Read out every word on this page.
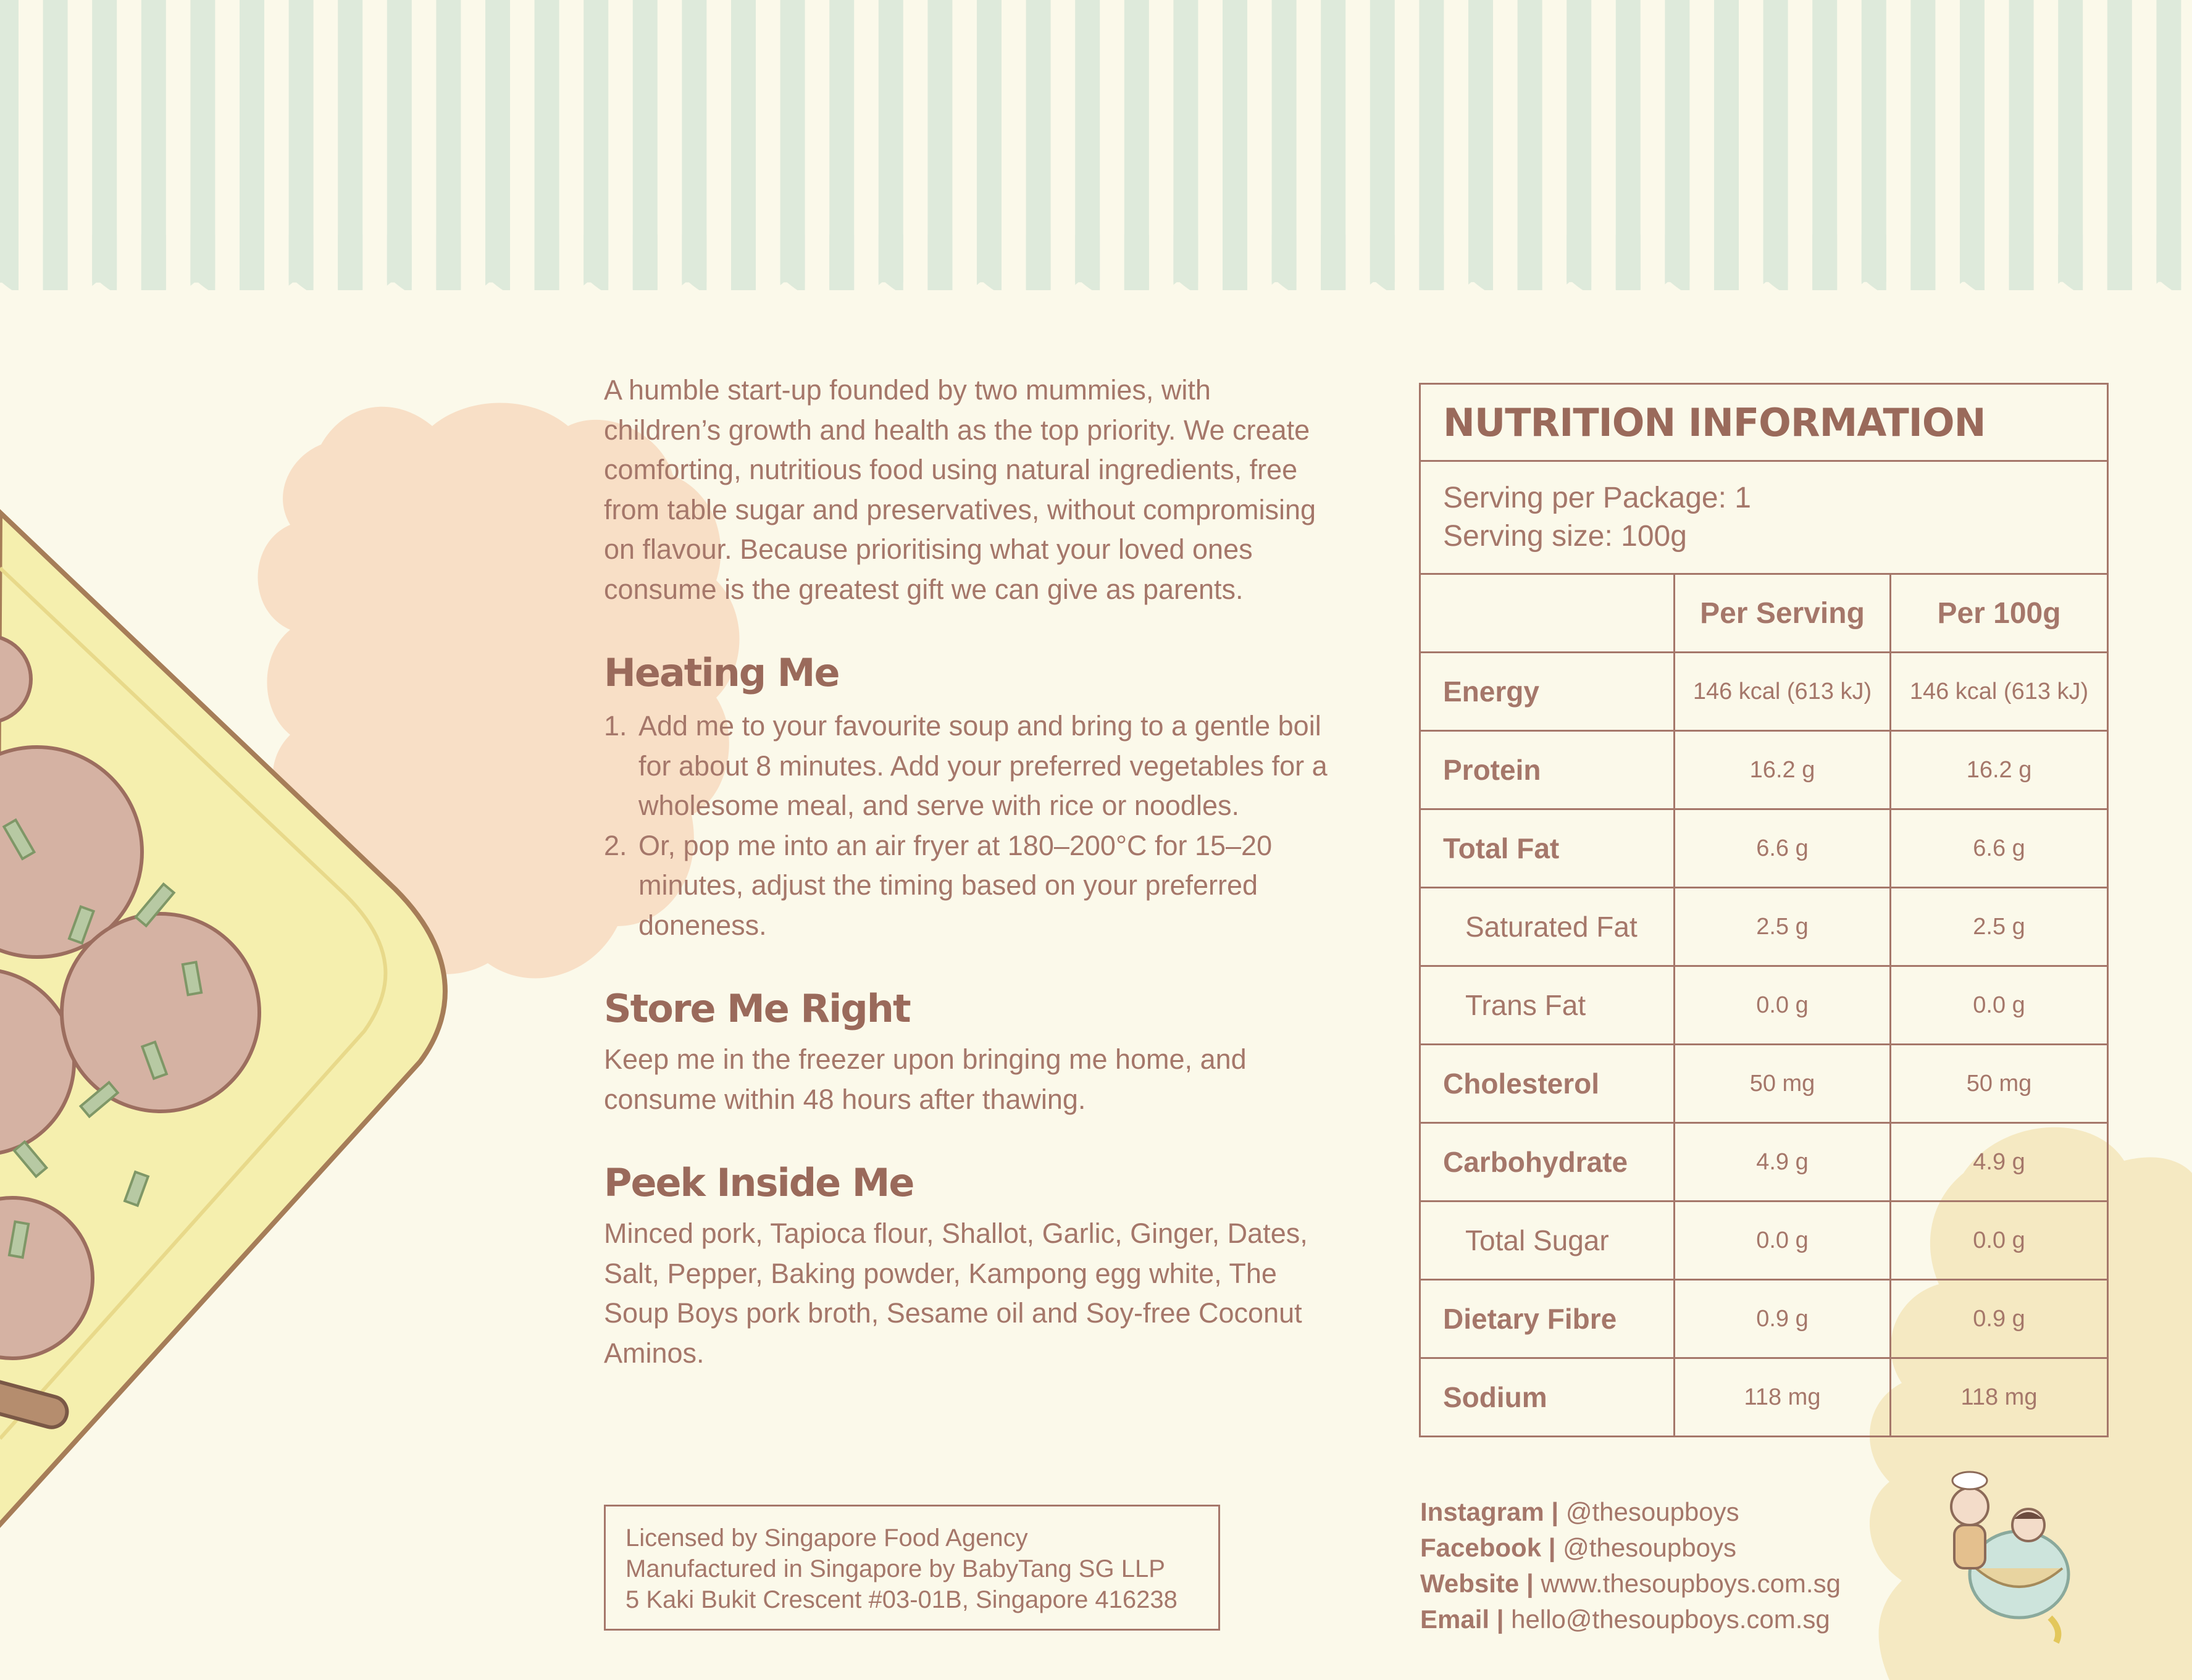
A humble start-up founded by two mummies, with children’s growth and health as the top priority. We create comforting, nutritious food using natural ingredients, free from table sugar and preservatives, without compromising on flavour. Because prioritising what your loved ones consume is the greatest gift we can give as parents.

Heating Me
1. Add me to your favourite soup and bring to a gentle boil for about 8 minutes. Add your preferred vegetables for a wholesome meal, and serve with rice or noodles.
2. Or, pop me into an air fryer at 180–200°C for 15–20 minutes, adjust the timing based on your preferred doneness.
Store Me Right

Keep me in the freezer upon bringing me home, and consume within 48 hours after thawing.

Peek Inside Me

Minced pork, Tapioca flour, Shallot, Garlic, Ginger, Dates, Salt, Pepper, Baking powder, Kampong egg white, The Soup Boys pork broth, Sesame oil and Soy-free Coconut Aminos.

Licensed by Singapore Food Agency
Manufactured in Singapore by BabyTang SG LLP
5 Kaki Bukit Crescent #03-01B, Singapore 416238
NUTRITION INFORMATION		

Serving per Package: 1
Serving size: 100g		

	Per Serving	Per 100g
Energy	146 kcal (613 kJ)	146 kcal (613 kJ)
Protein	16.2 g	16.2 g
Total Fat	6.6 g	6.6 g
Saturated Fat	2.5 g	2.5 g
Trans Fat	0.0 g	0.0 g
Cholesterol	50 mg	50 mg
Carbohydrate	4.9 g	4.9 g
Total Sugar	0.0 g	0.0 g
Dietary Fibre	0.9 g	0.9 g
Sodium	118 mg	118 mg
Instagram | @thesoupboys
Facebook | @thesoupboys
Website | www.thesoupboys.com.sg
Email | hello@thesoupboys.com.sg
